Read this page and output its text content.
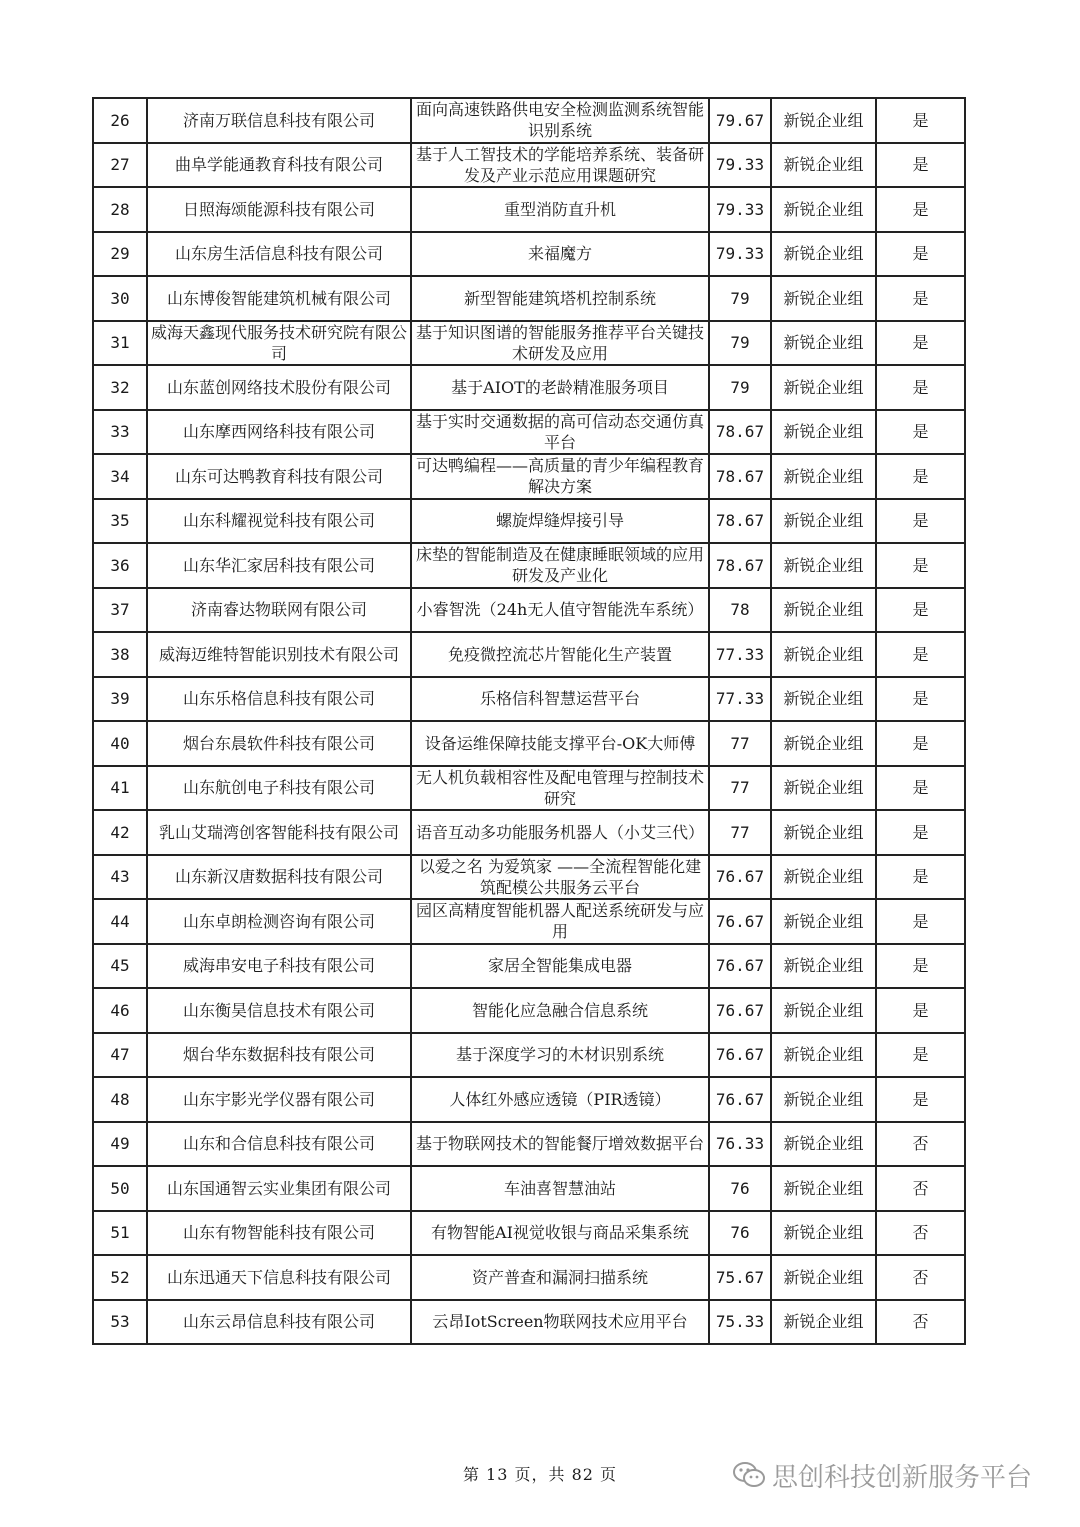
26	济南万联信息科技有限公司	面向高速铁路供电安全检测监测系统智能识别系统	79.67	新锐企业组	是
27	曲阜学能通教育科技有限公司	基于人工智技术的学能培养系统、装备研发及产业示范应用课题研究	79.33	新锐企业组	是
28	日照海颂能源科技有限公司	重型消防直升机	79.33	新锐企业组	是
29	山东房生活信息科技有限公司	来福魔方	79.33	新锐企业组	是
30	山东博俊智能建筑机械有限公司	新型智能建筑塔机控制系统	79	新锐企业组	是
31	威海天鑫现代服务技术研究院有限公司	基于知识图谱的智能服务推荐平台关键技术研发及应用	79	新锐企业组	是
32	山东蓝创网络技术股份有限公司	基于AIOT的老龄精准服务项目	79	新锐企业组	是
33	山东摩西网络科技有限公司	基于实时交通数据的高可信动态交通仿真平台	78.67	新锐企业组	是
34	山东可达鸭教育科技有限公司	可达鸭编程——高质量的青少年编程教育解决方案	78.67	新锐企业组	是
35	山东科耀视觉科技有限公司	螺旋焊缝焊接引导	78.67	新锐企业组	是
36	山东华汇家居科技有限公司	床垫的智能制造及在健康睡眠领域的应用研发及产业化	78.67	新锐企业组	是
37	济南睿达物联网有限公司	小睿智洗（24h无人值守智能洗车系统）	78	新锐企业组	是
38	威海迈维特智能识别技术有限公司	免疫微控流芯片智能化生产装置	77.33	新锐企业组	是
39	山东乐格信息科技有限公司	乐格信科智慧运营平台	77.33	新锐企业组	是
40	烟台东晨软件科技有限公司	设备运维保障技能支撑平台-OK大师傅	77	新锐企业组	是
41	山东航创电子科技有限公司	无人机负载相容性及配电管理与控制技术研究	77	新锐企业组	是
42	乳山艾瑞湾创客智能科技有限公司	语音互动多功能服务机器人（小艾三代）	77	新锐企业组	是
43	山东新汉唐数据科技有限公司	以爱之名 为爱筑家 ——全流程智能化建筑配模公共服务云平台	76.67	新锐企业组	是
44	山东卓朗检测咨询有限公司	园区高精度智能机器人配送系统研发与应用	76.67	新锐企业组	是
45	威海串安电子科技有限公司	家居全智能集成电器	76.67	新锐企业组	是
46	山东衡昊信息技术有限公司	智能化应急融合信息系统	76.67	新锐企业组	是
47	烟台华东数据科技有限公司	基于深度学习的木材识别系统	76.67	新锐企业组	是
48	山东宇影光学仪器有限公司	人体红外感应透镜（PIR透镜）	76.67	新锐企业组	是
49	山东和合信息科技有限公司	基于物联网技术的智能餐厅增效数据平台	76.33	新锐企业组	否
50	山东国通智云实业集团有限公司	车油喜智慧油站	76	新锐企业组	否
51	山东有物智能科技有限公司	有物智能AI视觉收银与商品采集系统	76	新锐企业组	否
52	山东迅通天下信息科技有限公司	资产普查和漏洞扫描系统	75.67	新锐企业组	否
53	山东云昂信息科技有限公司	云昂IotScreen物联网技术应用平台	75.33	新锐企业组	否
第 13 页，共 82 页	思创科技创新服务平台
